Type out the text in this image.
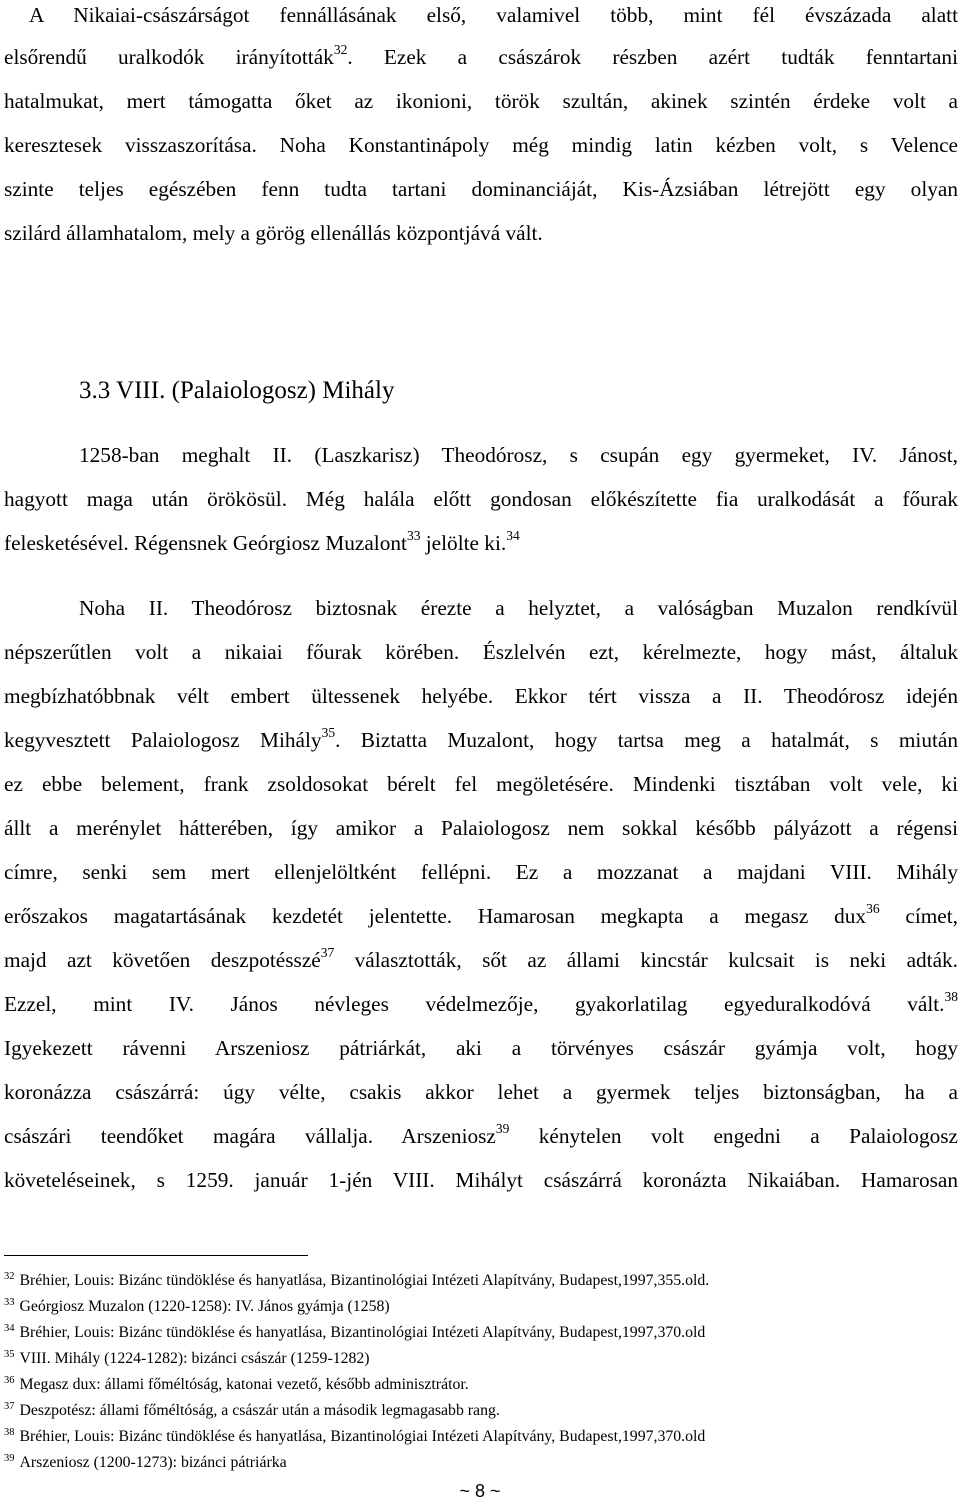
A Nikaiai-császárságot fennállásának első, valamivel több, mint fél évszázada alatt
elsőrendű uralkodók irányították$^{32}$. Ezek a császárok részben azért tudták fenntartani
hatalmukat, mert támogatta őket az ikonioni, török szultán, akinek szintén érdeke volt a
keresztesek visszaszorítása. Noha Konstantinápoly még mindig latin kézben volt, s Velence
szinte teljes egészében fenn tudta tartani dominanciáját, Kis-Ázsiában létrejött egy olyan
szilárd államhatalom, mely a görög ellenállás központjává vált.
3.3 VIII. (Palaiologosz) Mihály
1258-ban meghalt II. (Laszkarisz) Theodórosz, s csupán egy gyermeket, IV. Jánost,
hagyott maga után örökösül. Még halála előtt gondosan előkészítette fia uralkodását a főurak
felesketésével. Régensnek Geórgiosz Muzalont$^{33}$ jelölte ki.$^{34}$
Noha II. Theodórosz biztosnak érezte a helyztet, a valóságban Muzalon rendkívül
népszerűtlen volt a nikaiai főurak körében. Észlelvén ezt, kérelmezte, hogy mást, általuk
megbízhatóbbnak vélt embert ültessenek helyébe. Ekkor tért vissza a II. Theodórosz idején
kegyvesztett Palaiologosz Mihály$^{35}$. Biztatta Muzalont, hogy tartsa meg a hatalmát, s miután
ez ebbe belement, frank zsoldosokat bérelt fel megöletésére. Mindenki tisztában volt vele, ki
állt a merénylet hátterében, így amikor a Palaiologosz nem sokkal később pályázott a régensi
címre, senki sem mert ellenjelöltként fellépni. Ez a mozzanat a majdani VIII. Mihály
erőszakos magatartásának kezdetét jelentette. Hamarosan megkapta a megasz dux$^{36}$ címet,
majd azt követően deszpotésszé$^{37}$ választották, sőt az állami kincstár kulcsait is neki adták.
Ezzel, mint IV. János névleges védelmezője, gyakorlatilag egyeduralkodóvá vált.$^{38}$
Igyekezett rávenni Arszeniosz pátriárkát, aki a törvényes császár gyámja volt, hogy
koronázza császárrá: úgy vélte, csakis akkor lehet a gyermek teljes biztonságban, ha a
császári teendőket magára vállalja. Arszeniosz$^{39}$ kénytelen volt engedni a Palaiologosz
követeléseinek, s 1259. január 1-jén VIII. Mihályt császárrá koronázta Nikaiában. Hamarosan
$^{32}$ Bréhier, Louis: Bizánc tündöklése és hanyatlása, Bizantinológiai Intézeti Alapítvány, Budapest,1997,355.old.
$^{33}$ Geórgiosz Muzalon (1220-1258): IV. János gyámja (1258)
$^{34}$ Bréhier, Louis: Bizánc tündöklése és hanyatlása, Bizantinológiai Intézeti Alapítvány, Budapest,1997,370.old
$^{35}$ VIII. Mihály (1224-1282): bizánci császár (1259-1282)
$^{36}$ Megasz dux: állami főméltóság, katonai vezető, később adminisztrátor.
$^{37}$ Deszpotész: állami főméltóság, a császár után a második legmagasabb rang.
$^{38}$ Bréhier, Louis: Bizánc tündöklése és hanyatlása, Bizantinológiai Intézeti Alapítvány, Budapest,1997,370.old
$^{39}$ Arszeniosz (1200-1273): bizánci pátriárka
~ 8 ~
